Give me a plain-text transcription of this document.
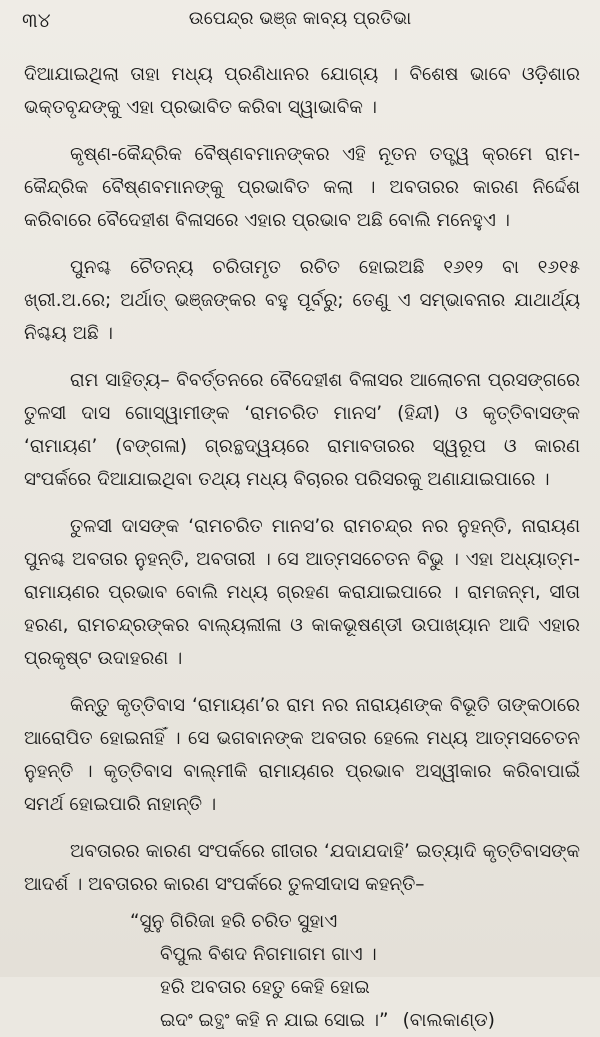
୩୪	ଉପେନ୍ଦ୍ର ଭଞ୍ଜ କାବ୍ୟ ପ୍ରତିଭା

ଦିଆଯାଇଥିଲା ତାହା ମଧ୍ୟ ପ୍ରଣିଧାନର ଯୋଗ୍ୟ । ବିଶେଷ ଭାବେ ଓଡ଼ିଶାର ଭକ୍ତବୃନ୍ଦଙ୍କୁ ଏହା ପ୍ରଭାବିତ କରିବା ସ୍ୱାଭାବିକ ।

କୃଷ୍ଣ-କୈନ୍ଦ୍ରିକ ବୈଷ୍ଣବମାନଙ୍କର ଏହି ନୂତନ ତତ୍ତ୍ୱ କ୍ରମେ ରାମ-କୈନ୍ଦ୍ରିକ ବୈଷ୍ଣବମାନଙ୍କୁ ପ୍ରଭାବିତ କଲା । ଅବତାରର କାରଣ ନିର୍ଦ୍ଦେଶ କରିବାରେ ବୈଦେହୀଶ ବିଳାସରେ ଏହାର ପ୍ରଭାବ ଅଛି ବୋଲି ମନେହୁଏ ।

ପୁନଶ୍ଚ ଚୈତନ୍ୟ ଚରିତାମୃତ ରଚିତ ହୋଇଅଛି ୧୬୧୨ ବା ୧୬୧୫ ଖ୍ରୀ.ଅ.ରେ; ଅର୍ଥାତ୍ ଭଞ୍ଜଙ୍କର ବହୁ ପୂର୍ବରୁ; ତେଣୁ ଏ ସମ୍ଭାବନାର ଯାଥାର୍ଥ୍ୟ ନିଶ୍ଚୟ ଅଛି ।

ରାମ ସାହିତ୍ୟ– ବିବର୍ତ୍ତନରେ ବୈଦେହୀଶ ବିଳାସର ଆଲୋଚନା ପ୍ରସଙ୍ଗରେ ତୁଳସୀ ଦାସ ଗୋସ୍ୱାମୀଙ୍କ ‘ରାମଚରିତ ମାନସ’ (ହିନ୍ଦୀ) ଓ କୃତ୍ତିବାସଙ୍କ ‘ରାମାୟଣ’ (ବଙ୍ଗଳା) ଗ୍ରନ୍ଥଦ୍ୱୟରେ ରାମାବତାରର ସ୍ୱରୂପ ଓ କାରଣ ସଂପର୍କରେ ଦିଆଯାଇଥିବା ତଥ୍ୟ ମଧ୍ୟ ବିଚାରର ପରିସରକୁ ଅଣାଯାଇପାରେ ।

ତୁଳସୀ ଦାସଙ୍କ ‘ରାମଚରିତ ମାନସ’ର ରାମଚନ୍ଦ୍ର ନର ନୁହନ୍ତି, ନାରାୟଣ ପୁନଶ୍ଚ ଅବତାର ନୁହନ୍ତି, ଅବତାରୀ । ସେ ଆତ୍ମସଚେତନ ବିଭୁ । ଏହା ଅଧ୍ୟାତ୍ମ-ରାମାୟଣର ପ୍ରଭାବ ବୋଲି ମଧ୍ୟ ଗ୍ରହଣ କରାଯାଇପାରେ । ରାମଜନ୍ମ, ସୀତା ହରଣ, ରାମଚନ୍ଦ୍ରଙ୍କର ବାଲ୍ୟଲୀଳା ଓ କାକଭୂଷଣ୍ଡୀ ଉପାଖ୍ୟାନ ଆଦି ଏହାର ପ୍ରକୃଷ୍ଟ ଉଦାହରଣ ।

କିନ୍ତୁ କୃତ୍ତିବାସ ‘ରାମାୟଣ’ର ରାମ ନର ନାରାୟଣଙ୍କ ବିଭୂତି ତାଙ୍କଠାରେ ଆରୋପିତ ହୋଇନାହିଁ । ସେ ଭଗବାନଙ୍କ ଅବତାର ହେଲେ ମଧ୍ୟ ଆତ୍ମସଚେତନ ନୁହନ୍ତି । କୃତ୍ତିବାସ ବାଲ୍ମୀକି ରାମାୟଣର ପ୍ରଭାବ ଅସ୍ୱୀକାର କରିବାପାଇଁ ସମର୍ଥ ହୋଇପାରି ନାହାନ୍ତି ।

ଅବତାରର କାରଣ ସଂପର୍କରେ ଗୀତାର ‘ଯଦାଯଦାହି’ ଇତ୍ୟାଦି କୃତ୍ତିବାସଙ୍କ ଆଦର୍ଶ । ଅବତାରର କାରଣ ସଂପର୍କରେ ତୁଳସୀଦାସ କହନ୍ତି–

“ସୁନୁ ଗିରିଜା ହରି ଚରିତ ସୁହାଏ
ବିପୁଲ ବିଶଦ ନିଗମାଗମ ଗାଏ ।
ହରି ଅବତାର ହେତୁ କେହି ହୋଇ
ଇଦଂ ଇତ୍ଥଂ କହି ନ ଯାଇ ସୋଇ ।” (ବାଲକାଣ୍ଡ)
